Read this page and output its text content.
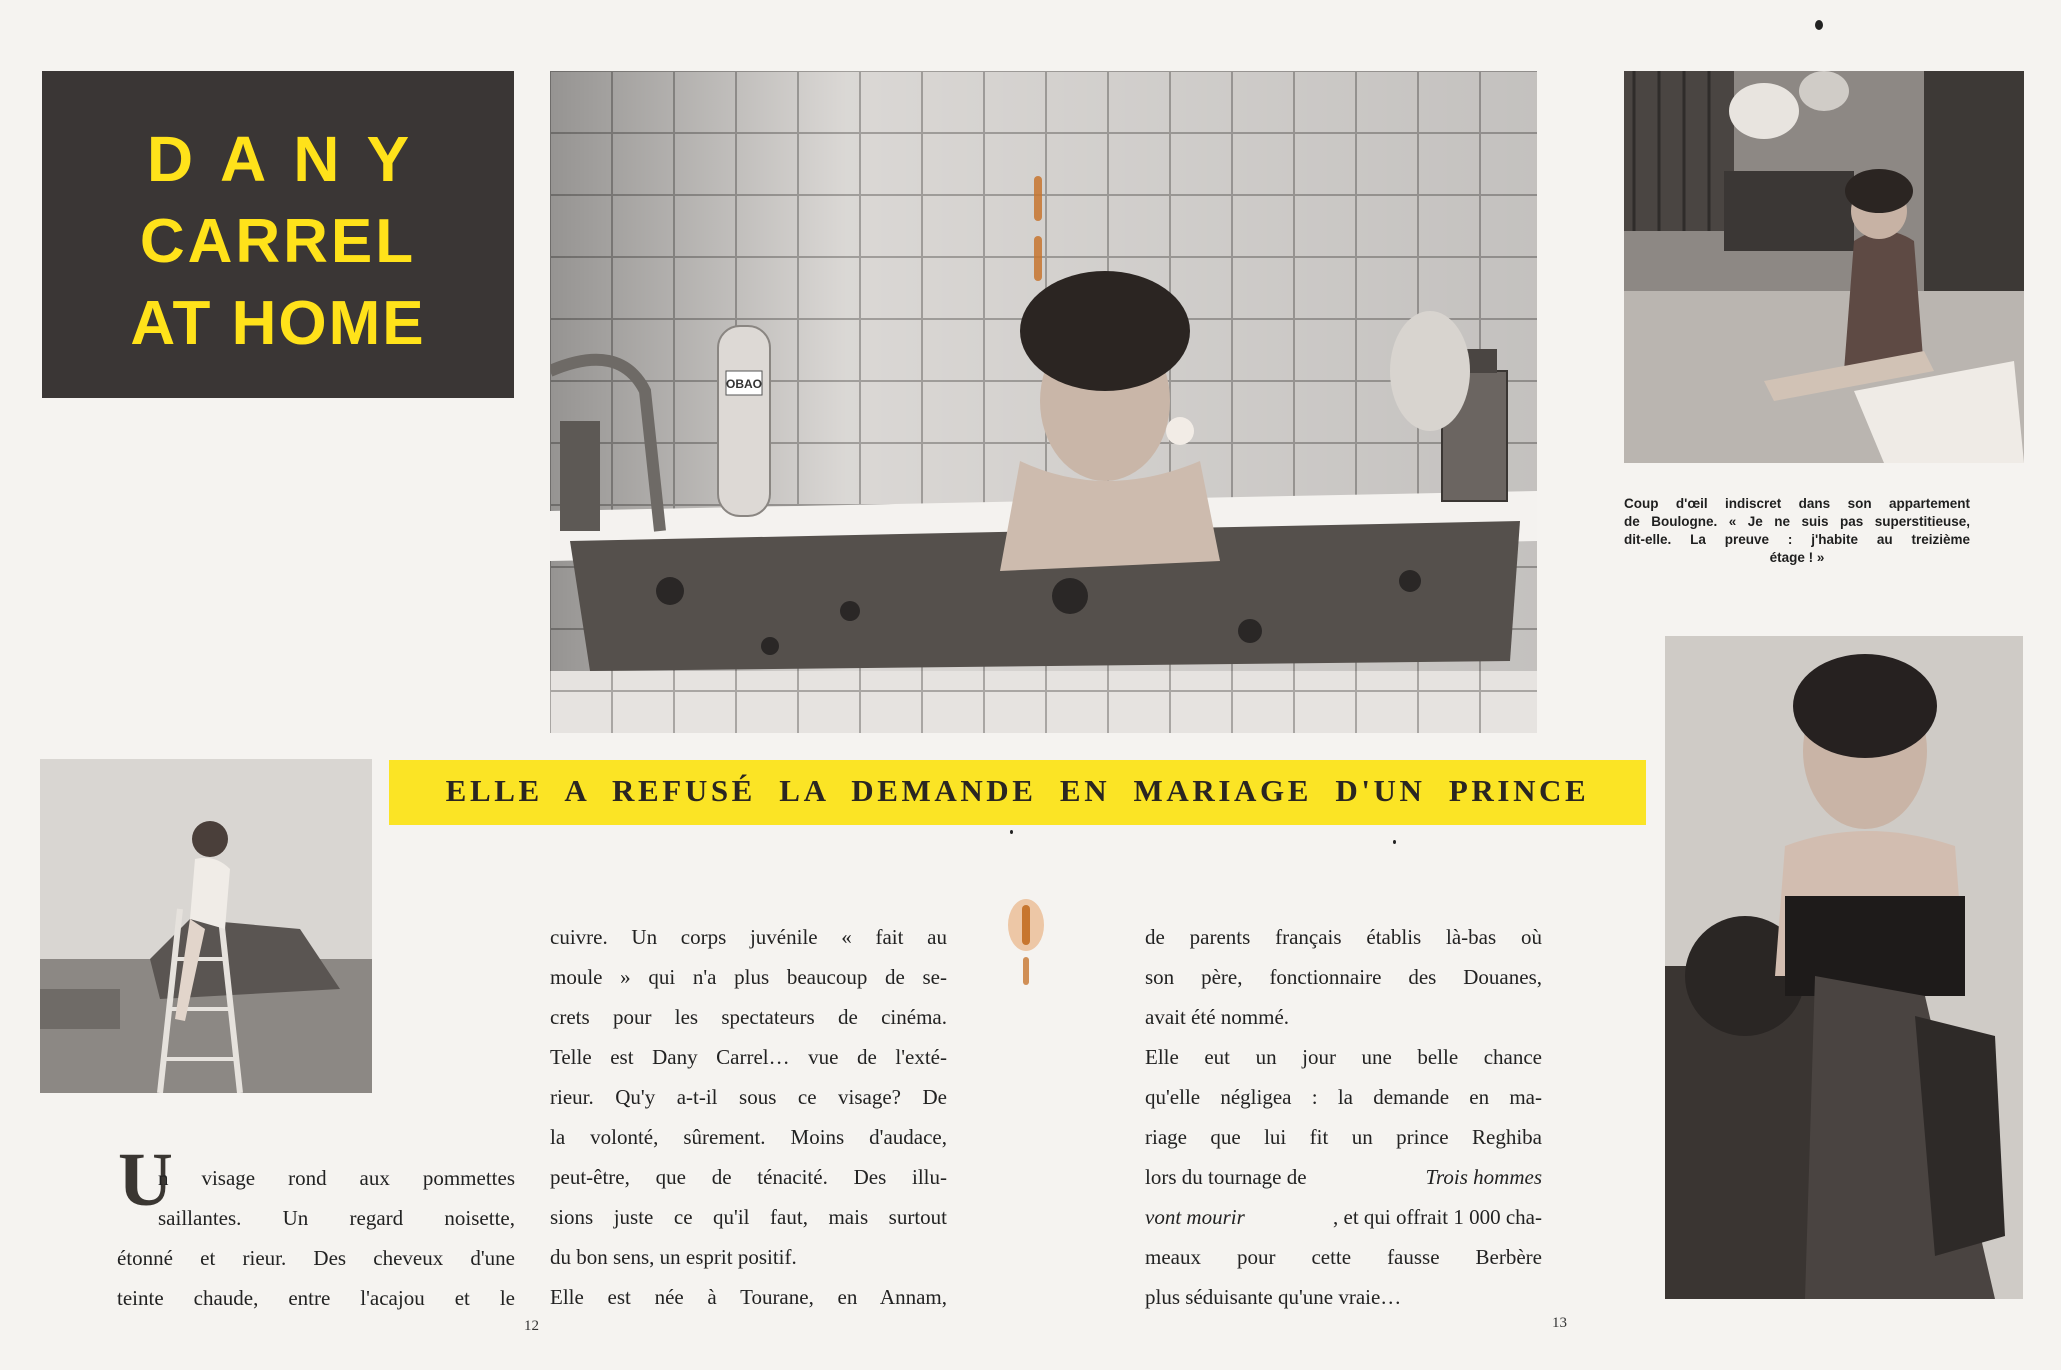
DANY
CARREL
AT HOME
OBAO
Coup d'œil indiscret dans son appartement
de Boulogne. « Je ne suis pas superstitieuse,
dit-elle. La preuve : j'habite au treizième
étage ! »
ELLE A REFUSÉ LA DEMANDE EN MARIAGE D'UN PRINCE
U
n visage rond aux pommettes
saillantes. Un regard noisette,
étonné et rieur. Des cheveux d'une
teinte chaude, entre l'acajou et le
cuivre. Un corps juvénile « fait au
moule » qui n'a plus beaucoup de se-
crets pour les spectateurs de cinéma.
Telle est Dany Carrel… vue de l'exté-
rieur. Qu'y a-t-il sous ce visage? De
la volonté, sûrement. Moins d'audace,
peut-être, que de ténacité. Des illu-
sions juste ce qu'il faut, mais surtout
du bon sens, un esprit positif.
Elle est née à Tourane, en Annam,
de parents français établis là-bas où
son père, fonctionnaire des Douanes,
avait été nommé.
Elle eut un jour une belle chance
qu'elle négligea : la demande en ma-
riage que lui fit un prince Reghiba
lors du tournage de	Trois hommes
vont mourir	, et qui offrait 1 000 cha-
meaux pour cette fausse Berbère
plus séduisante qu'une vraie…
12	13
